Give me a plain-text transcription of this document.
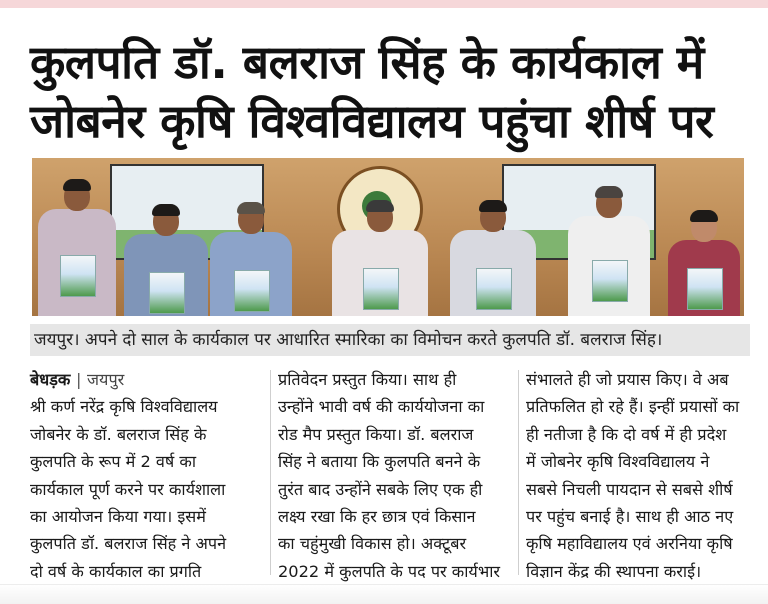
कुलपति डॉ. बलराज सिंह के कार्यकाल में
जोबनेर कृषि विश्वविद्यालय पहुंचा शीर्ष पर
जयपुर। अपने दो साल के कार्यकाल पर आधारित स्मारिका का विमोचन करते कुलपति डॉ. बलराज सिंह।
बेधड़क | जयपुर
श्री कर्ण नरेंद्र कृषि विश्वविद्यालय
जोबनेर के डॉ. बलराज सिंह के
कुलपति के रूप में 2 वर्ष का
कार्यकाल पूर्ण करने पर कार्यशाला
का आयोजन किया गया। इसमें
कुलपति डॉ. बलराज सिंह ने अपने
दो वर्ष के कार्यकाल का प्रगति
प्रतिवेदन प्रस्तुत किया। साथ ही
उन्होंने भावी वर्ष की कार्ययोजना का
रोड मैप प्रस्तुत किया। डॉ. बलराज
सिंह ने बताया कि कुलपति बनने के
तुरंत बाद उन्होंने सबके लिए एक ही
लक्ष्य रखा कि हर छात्र एवं किसान
का चहुंमुखी विकास हो। अक्टूबर
2022 में कुलपति के पद पर कार्यभार
संभालते ही जो प्रयास किए। वे अब
प्रतिफलित हो रहे हैं। इन्हीं प्रयासों का
ही नतीजा है कि दो वर्ष में ही प्रदेश
में जोबनेर कृषि विश्वविद्यालय ने
सबसे निचली पायदान से सबसे शीर्ष
पर पहुंच बनाई है। साथ ही आठ नए
कृषि महाविद्यालय एवं अरनिया कृषि
विज्ञान केंद्र की स्थापना कराई।
